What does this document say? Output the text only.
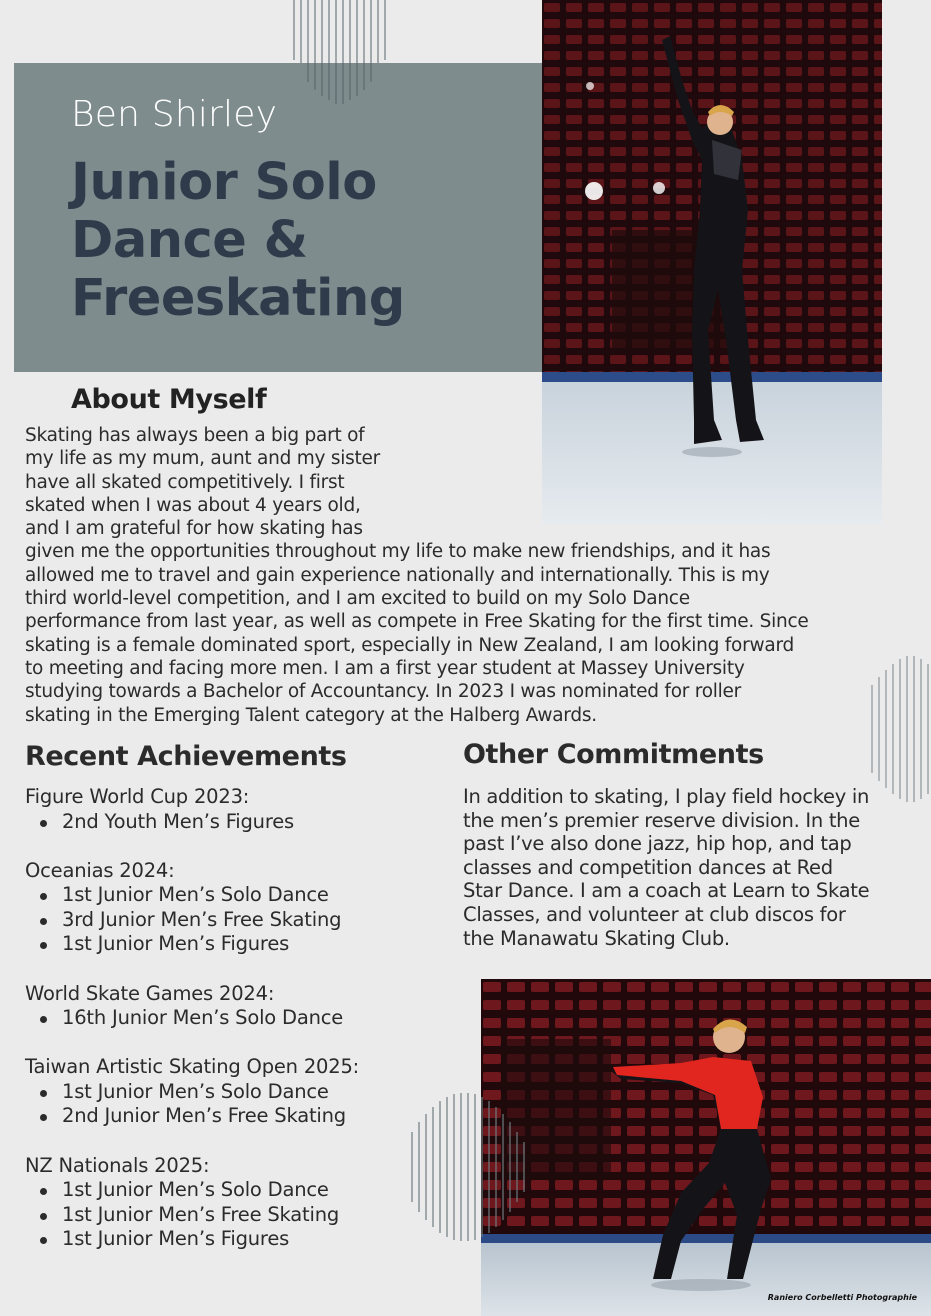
Ben Shirley
Junior Solo
Dance &
Freeskating
About Myself
Skating has always been a big part of
my life as my mum, aunt and my sister
have all skated competitively. I first
skated when I was about 4 years old,
and I am grateful for how skating has
given me the opportunities throughout my life to make new friendships, and it has
allowed me to travel and gain experience nationally and internationally. This is my
third world-level competition, and I am excited to build on my Solo Dance
performance from last year, as well as compete in Free Skating for the first time. Since
skating is a female dominated sport, especially in New Zealand, I am looking forward
to meeting and facing more men. I am a first year student at Massey University
studying towards a Bachelor of Accountancy. In 2023 I was nominated for roller
skating in the Emerging Talent category at the Halberg Awards.
Recent Achievements
Figure World Cup 2023:
2nd Youth Men’s Figures
Oceanias 2024:
1st Junior Men’s Solo Dance
3rd Junior Men’s Free Skating
1st Junior Men’s Figures
World Skate Games 2024:
16th Junior Men’s Solo Dance
Taiwan Artistic Skating Open 2025:
1st Junior Men’s Solo Dance
2nd Junior Men’s Free Skating
NZ Nationals 2025:
1st Junior Men’s Solo Dance
1st Junior Men’s Free Skating
1st Junior Men’s Figures
Other Commitments
In addition to skating, I play field hockey in
the men’s premier reserve division. In the
past I’ve also done jazz, hip hop, and tap
classes and competition dances at Red
Star Dance. I am a coach at Learn to Skate
Classes, and volunteer at club discos for
the Manawatu Skating Club.
Raniero Corbelletti Photographie
